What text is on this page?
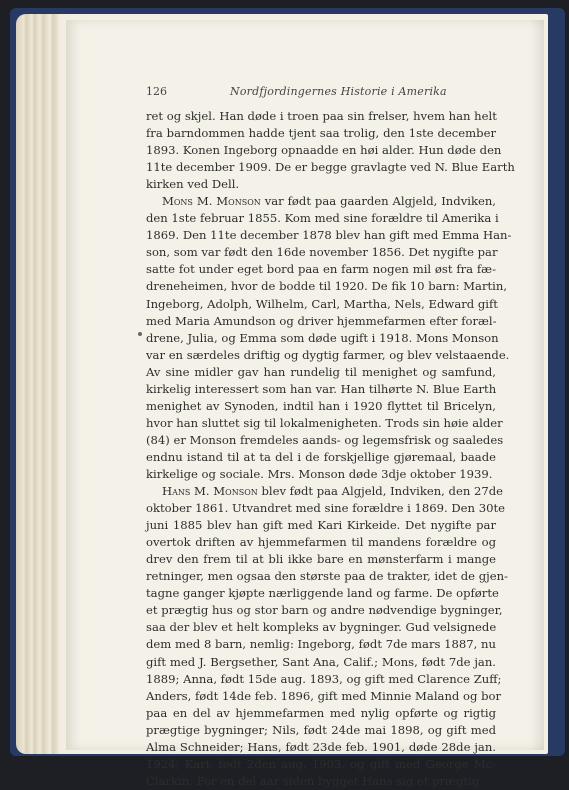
126	Nordfjordingernes Historie i Amerika
ret og skjel. Han døde i troen paa sin frelser, hvem han helt
fra barndommen hadde tjent saa trolig, den 1ste december
1893. Konen Ingeborg opnaadde en høi alder. Hun døde den
11te december 1909. De er begge gravlagte ved N. Blue Earth
kirken ved Dell.
Mons M. Monson var født paa gaarden Algjeld, Indviken,
den 1ste februar 1855. Kom med sine forældre til Amerika i
1869. Den 11te december 1878 blev han gift med Emma Han-
son, som var født den 16de november 1856. Det nygifte par
satte fot under eget bord paa en farm nogen mil øst fra fæ-
dreneheimen, hvor de bodde til 1920. De fik 10 barn: Martin,
Ingeborg, Adolph, Wilhelm, Carl, Martha, Nels, Edward gift
med Maria Amundson og driver hjemmefarmen efter foræl-
drene, Julia, og Emma som døde ugift i 1918. Mons Monson
var en særdeles driftig og dygtig farmer, og blev velstaaende.
Av sine midler gav han rundelig til menighet og samfund,
kirkelig interessert som han var. Han tilhørte N. Blue Earth
menighet av Synoden, indtil han i 1920 flyttet til Bricelyn,
hvor han sluttet sig til lokalmenigheten. Trods sin høie alder
(84) er Monson fremdeles aands- og legemsfrisk og saaledes
endnu istand til at ta del i de forskjellige gjøremaal, baade
kirkelige og sociale. Mrs. Monson døde 3dje oktober 1939.
Hans M. Monson blev født paa Algjeld, Indviken, den 27de
oktober 1861. Utvandret med sine forældre i 1869. Den 30te
juni 1885 blev han gift med Kari Kirkeide. Det nygifte par
overtok driften av hjemmefarmen til mandens forældre og
drev den frem til at bli ikke bare en mønsterfarm i mange
retninger, men ogsaa den største paa de trakter, idet de gjen-
tagne ganger kjøpte nærliggende land og farme. De opførte
et prægtig hus og stor barn og andre nødvendige bygninger,
saa der blev et helt kompleks av bygninger. Gud velsignede
dem med 8 barn, nemlig: Ingeborg, født 7de mars 1887, nu
gift med J. Bergsether, Sant Ana, Calif.; Mons, født 7de jan.
1889; Anna, født 15de aug. 1893, og gift med Clarence Zuff;
Anders, født 14de feb. 1896, gift med Minnie Maland og bor
paa en del av hjemmefarmen med nylig opførte og rigtig
prægtige bygninger; Nils, født 24de mai 1898, og gift med
Alma Schneider; Hans, født 23de feb. 1901, døde 28de jan.
1924; Kari, født 2den aug. 1903, og gift med George Mc-
Clarkin. For en del aar siden bygget Hans sig et prægtig
